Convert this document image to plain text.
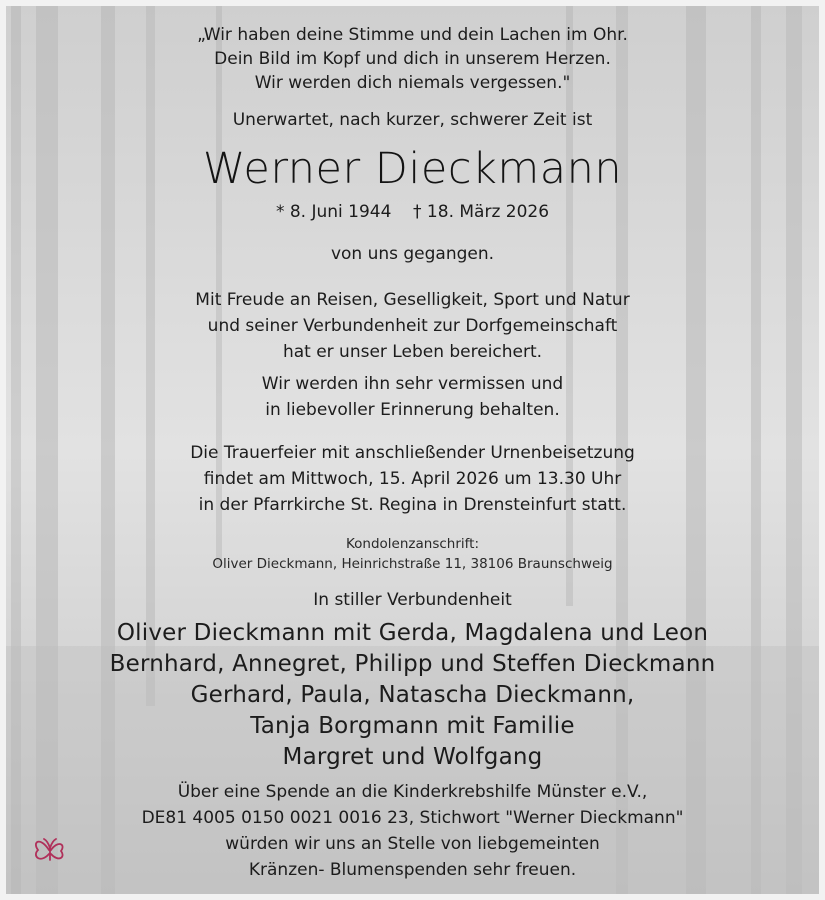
„Wir haben deine Stimme und dein Lachen im Ohr.
Dein Bild im Kopf und dich in unserem Herzen.
Wir werden dich niemals vergessen."
Unerwartet, nach kurzer, schwerer Zeit ist
Werner Dieckmann
* 8. Juni 1944    † 18. März 2026
von uns gegangen.
Mit Freude an Reisen, Geselligkeit, Sport und Natur
und seiner Verbundenheit zur Dorfgemeinschaft
hat er unser Leben bereichert.
Wir werden ihn sehr vermissen und
in liebevoller Erinnerung behalten.
Die Trauerfeier mit anschließender Urnenbeisetzung
findet am Mittwoch, 15. April 2026 um 13.30 Uhr
in der Pfarrkirche St. Regina in Drensteinfurt statt.
Kondolenzanschrift:
Oliver Dieckmann, Heinrichstraße 11, 38106 Braunschweig
In stiller Verbundenheit
Oliver Dieckmann mit Gerda, Magdalena und Leon
Bernhard, Annegret, Philipp und Steffen Dieckmann
Gerhard, Paula, Natascha Dieckmann,
Tanja Borgmann mit Familie
Margret und Wolfgang
Über eine Spende an die Kinderkrebshilfe Münster e.V.,
DE81 4005 0150 0021 0016 23, Stichwort "Werner Dieckmann"
würden wir uns an Stelle von liebgemeinten
Kränzen- Blumenspenden sehr freuen.
